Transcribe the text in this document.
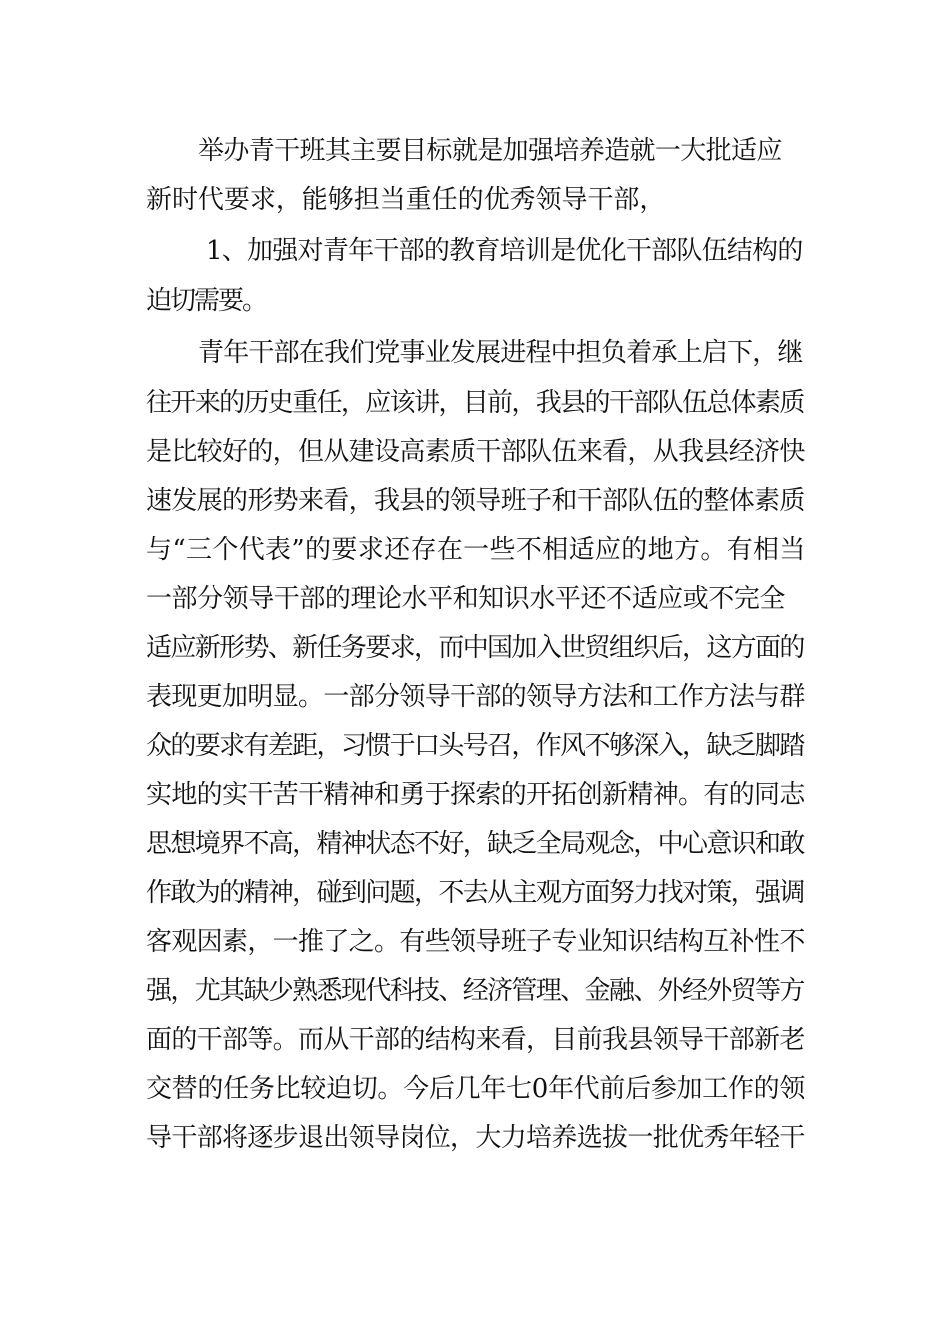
举办青干班其主要目标就是加强培养造就一大批适应
新时代要求，能够担当重任的优秀领导干部，
1、加强对青年干部的教育培训是优化干部队伍结构的
迫切需要。
青年干部在我们党事业发展进程中担负着承上启下，继
往开来的历史重任，应该讲，目前，我县的干部队伍总体素质
是比较好的，但从建设高素质干部队伍来看，从我县经济快
速发展的形势来看，我县的领导班子和干部队伍的整体素质
与“三个代表”的要求还存在一些不相适应的地方。有相当
一部分领导干部的理论水平和知识水平还不适应或不完全
适应新形势、新任务要求，而中国加入世贸组织后，这方面的
表现更加明显。一部分领导干部的领导方法和工作方法与群
众的要求有差距，习惯于口头号召，作风不够深入，缺乏脚踏
实地的实干苦干精神和勇于探索的开拓创新精神。有的同志
思想境界不高，精神状态不好，缺乏全局观念，中心意识和敢
作敢为的精神，碰到问题，不去从主观方面努力找对策，强调
客观因素，一推了之。有些领导班子专业知识结构互补性不
强，尤其缺少熟悉现代科技、经济管理、金融、外经外贸等方
面的干部等。而从干部的结构来看，目前我县领导干部新老
交替的任务比较迫切。今后几年七0年代前后参加工作的领
导干部将逐步退出领导岗位，大力培养选拔一批优秀年轻干
